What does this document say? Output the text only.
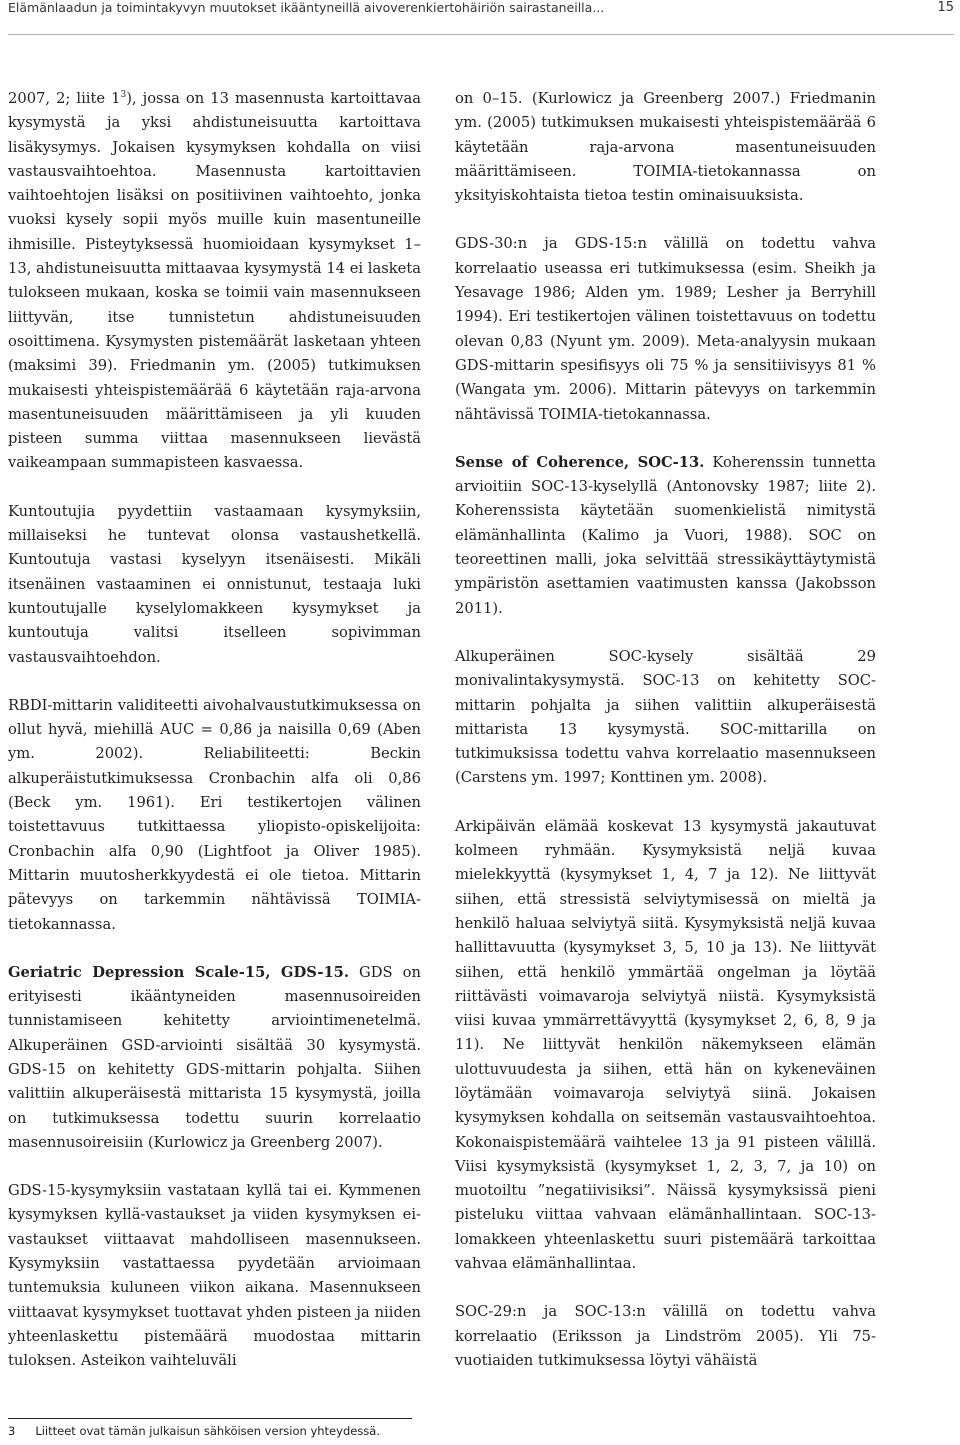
Elämänlaadun ja toimintakyvyn muutokset ikääntyneillä aivoverenkiertohäiriön sairastaneilla...	15

2007, 2; liite $1^3$), jossa on 13 masennusta kartoittavaa kysymystä ja yksi ahdistuneisuutta kartoittava lisäkysymys. Jokaisen kysymyksen kohdalla on viisi vastausvaihtoehtoa. Masennusta kartoittavien vaihtoehtojen lisäksi on positiivinen vaihtoehto, jonka vuoksi kysely sopii myös muille kuin masentuneille ihmisille. Pisteytyksessä huomioidaan kysymykset 1–13, ahdistuneisuutta mittaavaa kysymystä 14 ei lasketa tulokseen mukaan, koska se toimii vain masennukseen liittyvän, itse tunnistetun ahdistuneisuuden osoittimena. Kysymysten pistemäärät lasketaan yhteen (maksimi 39). Friedmanin ym. (2005) tutkimuksen mukaisesti yhteispistemäärää 6 käytetään raja-arvona masentuneisuuden määrittämiseen ja yli kuuden pisteen summa viittaa masennukseen lievästä vaikeampaan summapisteen kasvaessa.

Kuntoutujia pyydettiin vastaamaan kysymyksiin, millaiseksi he tuntevat olonsa vastaushetkellä. Kuntoutuja vastasi kyselyyn itsenäisesti. Mikäli itsenäinen vastaaminen ei onnistunut, testaaja luki kuntoutujalle kyselylomakkeen kysymykset ja kuntoutuja valitsi itselleen sopivimman vastausvaihtoehdon.

RBDI-mittarin validiteetti aivohalvaustutkimuksessa on ollut hyvä, miehillä AUC = 0,86 ja naisilla 0,69 (Aben ym. 2002). Reliabiliteetti: Beckin alkuperäistutkimuksessa Cronbachin alfa oli 0,86 (Beck ym. 1961). Eri testikertojen välinen toistettavuus tutkittaessa yliopisto-opiskelijoita: Cronbachin alfa 0,90 (Lightfoot ja Oliver 1985). Mittarin muutosherkkyydestä ei ole tietoa. Mittarin pätevyys on tarkemmin nähtävissä TOIMIA-tietokannassa.

Geriatric Depression Scale-15, GDS-15. GDS on erityisesti ikääntyneiden masennusoireiden tunnistamiseen kehitetty arviointimenetelmä. Alkuperäinen GSD-arviointi sisältää 30 kysymystä. GDS-15 on kehitetty GDS-mittarin pohjalta. Siihen valittiin alkuperäisestä mittarista 15 kysymystä, joilla on tutkimuksessa todettu suurin korrelaatio masennusoireisiin (Kurlowicz ja Greenberg 2007).

GDS-15-kysymyksiin vastataan kyllä tai ei. Kymmenen kysymyksen kyllä-vastaukset ja viiden kysymyksen ei-vastaukset viittaavat mahdolliseen masennukseen. Kysymyksiin vastattaessa pyydetään arvioimaan tuntemuksia kuluneen viikon aikana. Masennukseen viittaavat kysymykset tuottavat yhden pisteen ja niiden yhteenlaskettu pistemäärä muodostaa mittarin tuloksen. Asteikon vaihteluväli

on 0–15. (Kurlowicz ja Greenberg 2007.) Friedmanin ym. (2005) tutkimuksen mukaisesti yhteispistemäärää 6 käytetään raja-arvona masentuneisuuden määrittämiseen. TOIMIA-tietokannassa on yksityiskohtaista tietoa testin ominaisuuksista.

GDS-30:n ja GDS-15:n välillä on todettu vahva korrelaatio useassa eri tutkimuksessa (esim. Sheikh ja Yesavage 1986; Alden ym. 1989; Lesher ja Berryhill 1994). Eri testikertojen välinen toistettavuus on todettu olevan 0,83 (Nyunt ym. 2009). Meta-analyysin mukaan GDS-mittarin spesifisyys oli 75 % ja sensitiivisyys 81 % (Wangata ym. 2006). Mittarin pätevyys on tarkemmin nähtävissä TOIMIA-tietokannassa.

Sense of Coherence, SOC-13. Koherenssin tunnetta arvioitiin SOC-13-kyselyllä (Antonovsky 1987; liite 2). Koherenssista käytetään suomenkielistä nimitystä elämänhallinta (Kalimo ja Vuori, 1988). SOC on teoreettinen malli, joka selvittää stressikäyttäytymistä ympäristön asettamien vaatimusten kanssa (Jakobsson 2011).

Alkuperäinen SOC-kysely sisältää 29 monivalintakysymystä. SOC-13 on kehitetty SOC-mittarin pohjalta ja siihen valittiin alkuperäisestä mittarista 13 kysymystä. SOC-mittarilla on tutkimuksissa todettu vahva korrelaatio masennukseen (Carstens ym. 1997; Konttinen ym. 2008).

Arkipäivän elämää koskevat 13 kysymystä jakautuvat kolmeen ryhmään. Kysymyksistä neljä kuvaa mielekkyyttä (kysymykset 1, 4, 7 ja 12). Ne liittyvät siihen, että stressistä selviytymisessä on mieltä ja henkilö haluaa selviytyä siitä. Kysymyksistä neljä kuvaa hallittavuutta (kysymykset 3, 5, 10 ja 13). Ne liittyvät siihen, että henkilö ymmärtää ongelman ja löytää riittävästi voimavaroja selviytyä niistä. Kysymyksistä viisi kuvaa ymmärrettävyyttä (kysymykset 2, 6, 8, 9 ja 11). Ne liittyvät henkilön näkemykseen elämän ulottuvuudesta ja siihen, että hän on kykeneväinen löytämään voimavaroja selviytyä siinä. Jokaisen kysymyksen kohdalla on seitsemän vastausvaihtoehtoa. Kokonaispistemäärä vaihtelee 13 ja 91 pisteen välillä. Viisi kysymyksistä (kysymykset 1, 2, 3, 7, ja 10) on muotoiltu ”negatiivisiksi”. Näissä kysymyksissä pieni pisteluku viittaa vahvaan elämänhallintaan. SOC-13-lomakkeen yhteenlaskettu suuri pistemäärä tarkoittaa vahvaa elämänhallintaa.

SOC-29:n ja SOC-13:n välillä on todettu vahva korrelaatio (Eriksson ja Lindström 2005). Yli 75-vuotiaiden tutkimuksessa löytyi vähäistä

3 Liitteet ovat tämän julkaisun sähköisen version yhteydessä.
